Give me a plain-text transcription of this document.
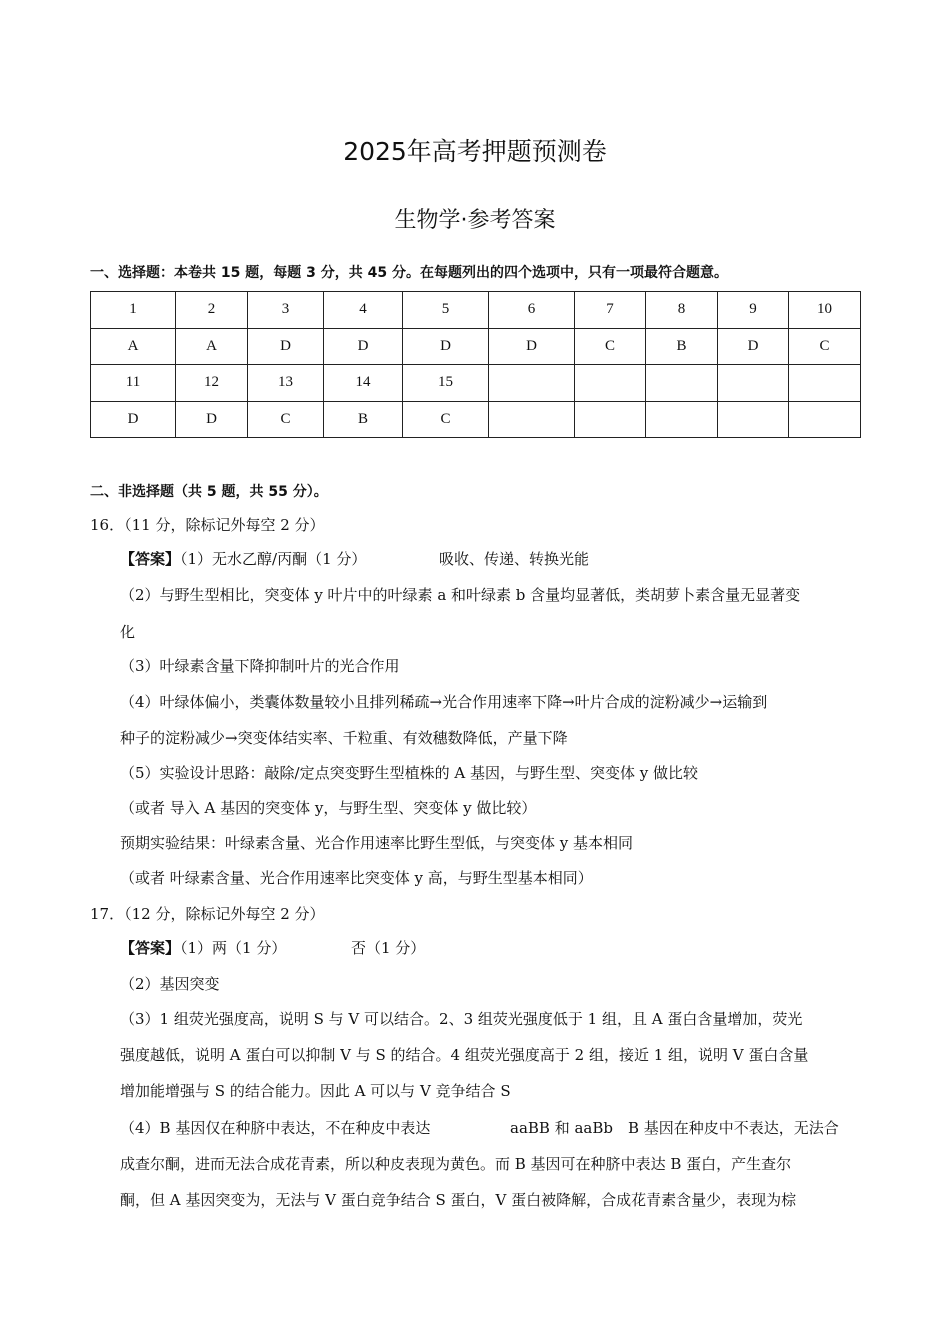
2025年高考押题预测卷
生物学·参考答案
一、选择题：本卷共 15 题，每题 3 分，共 45 分。在每题列出的四个选项中，只有一项最符合题意。
1	2	3	4	5	6	7	8	9	10
A	A	D	D	D	D	C	B	D	C
11	12	13	14	15					
D	D	C	B	C					
二、非选择题（共 5 题，共 55 分）。
16．（11 分，除标记外每空 2 分）
【答案】（1）无水乙醇/丙酮（1 分）	吸收、传递、转换光能
（2）与野生型相比，突变体 y 叶片中的叶绿素 a 和叶绿素 b 含量均显著低，类胡萝卜素含量无显著变
化
（3）叶绿素含量下降抑制叶片的光合作用
（4）叶绿体偏小，类囊体数量较小且排列稀疏→光合作用速率下降→叶片合成的淀粉减少→运输到
种子的淀粉减少→突变体结实率、千粒重、有效穗数降低，产量下降
（5）实验设计思路：敲除/定点突变野生型植株的 A 基因，与野生型、突变体 y 做比较
（或者 导入 A 基因的突变体 y，与野生型、突变体 y 做比较）
预期实验结果：叶绿素含量、光合作用速率比野生型低，与突变体 y 基本相同
（或者 叶绿素含量、光合作用速率比突变体 y 高，与野生型基本相同）
17．（12 分，除标记外每空 2 分）
【答案】（1）两（1 分）	否（1 分）
（2）基因突变
（3）1 组荧光强度高，说明 S 与 V 可以结合。2、3 组荧光强度低于 1 组，且 A 蛋白含量增加，荧光
强度越低，说明 A 蛋白可以抑制 V 与 S 的结合。4 组荧光强度高于 2 组，接近 1 组，说明 V 蛋白含量
增加能增强与 S 的结合能力。因此 A 可以与 V 竞争结合 S
（4）B 基因仅在种脐中表达，不在种皮中表达	aaBB 和 aaBb B 基因在种皮中不表达，无法合
成查尔酮，进而无法合成花青素，所以种皮表现为黄色。而 B 基因可在种脐中表达 B 蛋白，产生查尔
酮，但 A 基因突变为，无法与 V 蛋白竞争结合 S 蛋白，V 蛋白被降解，合成花青素含量少，表现为棕
